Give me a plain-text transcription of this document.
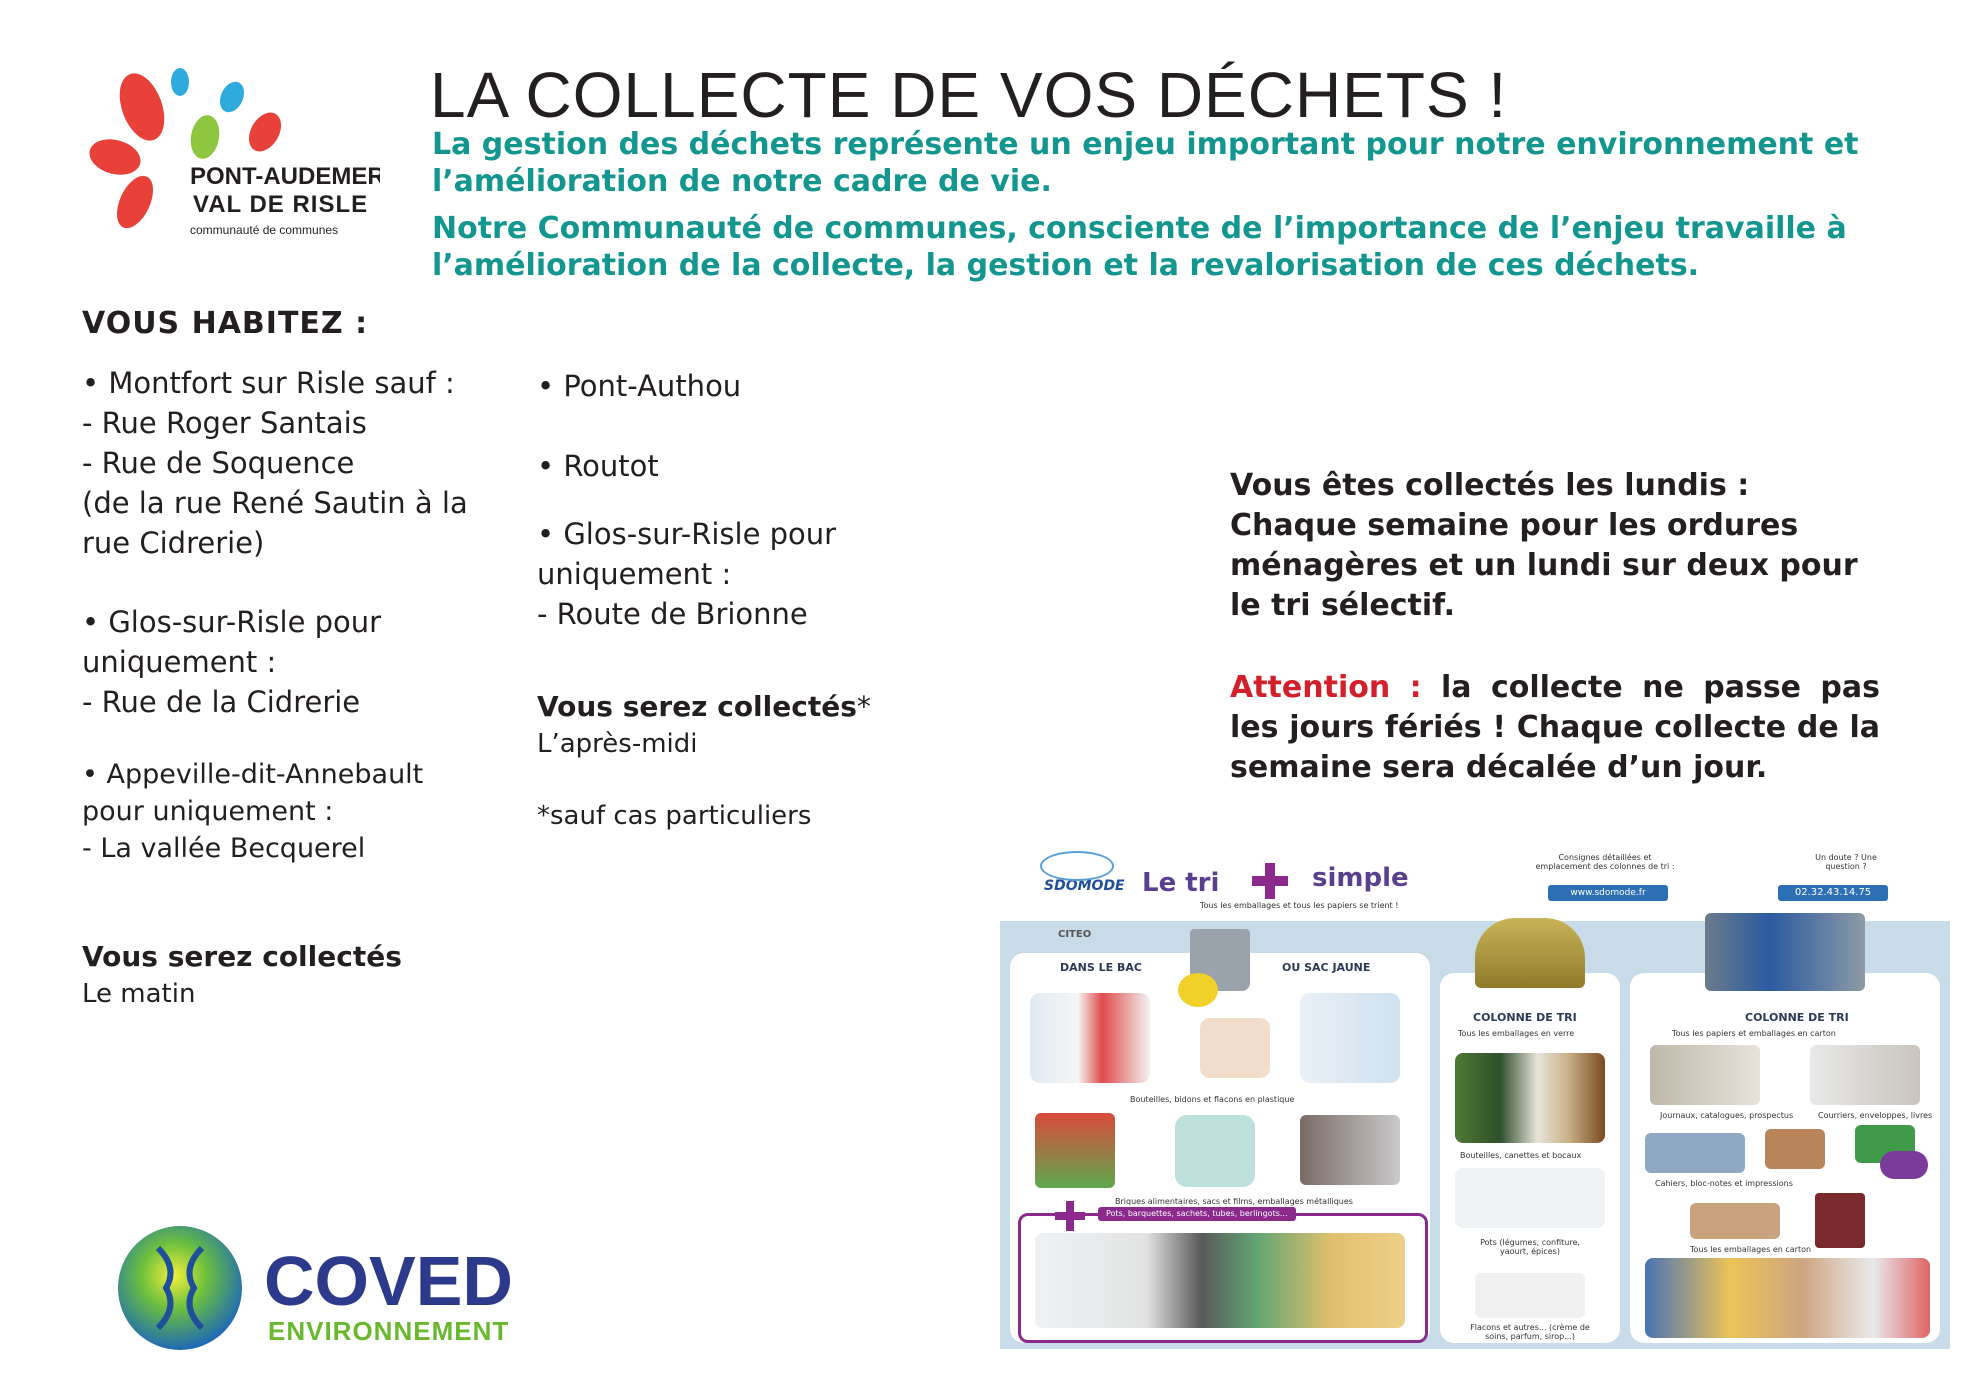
PONT-AUDEMER
VAL DE RISLE
communauté de communes
LA COLLECTE DE VOS DÉCHETS !

La gestion des déchets représente un enjeu important pour notre environnement et l’amélioration de notre cadre de vie.

Notre Communauté de communes, consciente de l’importance de l’enjeu travaille à l’amélioration de la collecte, la gestion et la revalorisation de ces déchets.

VOUS HABITEZ :
• Montfort sur Risle sauf :
- Rue Roger Santais
- Rue de Soquence
(de la rue René Sautin à la
rue Cidrerie)
• Glos-sur-Risle pour
uniquement :
- Rue de la Cidrerie
• Appeville-dit-Annebault
pour uniquement :
- La vallée Becquerel
Vous serez collectés
Le matin
• Pont-Authou
• Routot
• Glos-sur-Risle pour
uniquement :
- Route de Brionne
Vous serez collectés*
L’après-midi
*sauf cas particuliers

Vous êtes collectés les lundis :

Chaque semaine pour les ordures

ménagères et un lundi sur deux pour

le tri sélectif.

Attention : la collecte ne passe pas les jours fériés ! Chaque collecte de la semaine sera décalée d’un jour.
SDOMODE Le tri	simple
Tous les emballages et tous les papiers se trient !
Consignes détaillées et emplacement des colonnes de tri :
www.sdomode.fr
Un doute ? Une question ?
02.32.43.14.75
DANS LE BAC	OU SAC JAUNE
CITEO
Bouteilles, bidons et flacons en plastique
Briques alimentaires, sacs et films, emballages métalliques
Pots, barquettes, sachets, tubes, berlingots...
COLONNE DE TRI
Tous les emballages en verre
Bouteilles, canettes et bocaux
Pots (légumes, confiture, yaourt, épices)
Flacons et autres... (crème de soins, parfum, sirop...)
COLONNE DE TRI
Tous les papiers et emballages en carton
Journaux, catalogues, prospectus	Courriers, enveloppes, livres
Cahiers, bloc-notes et impressions
Tous les emballages en carton
COVED
ENVIRONNEMENT
